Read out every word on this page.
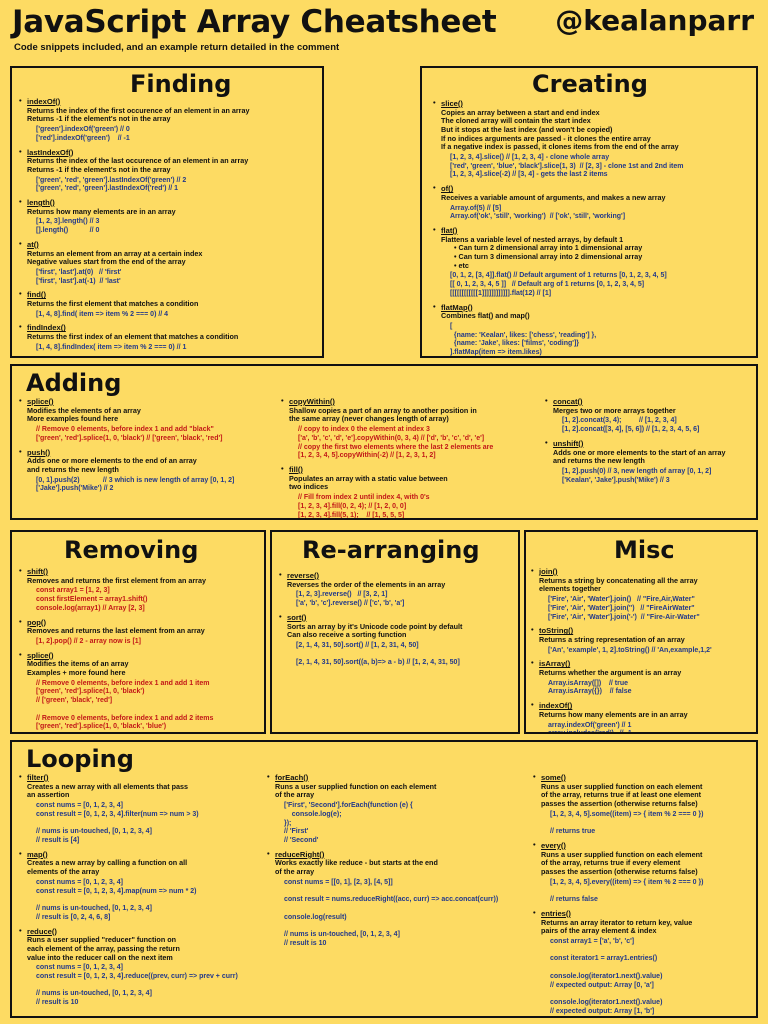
JavaScript Array Cheatsheet @kealanparr
Code snippets included, and an example return detailed in the comment
Finding
• indexOf()
Returns the index of the first occurence of an element in an array
Returns -1 if the element's not in the array
['green'].indexOf('green') // 0
['red'].indexOf('green')    // -1
• lastIndexOf()
Returns the index of the last occurence of an element in an array
Returns -1 if the element's not in the array
['green', 'red', 'green'].lastIndexOf('green') // 2
['green', 'red', 'green'].lastIndexOf('red') // 1
• length()
Returns how many elements are in an array
[1, 2, 3].length() // 3
[].length()           // 0
• at()
Returns an element from an array at a certain index
Negative values start from the end of the array
['first', 'last'].at(0)   // 'first'
['first', 'last'].at(-1)  // 'last'
• find()
Returns the first element that matches a condition
[1, 4, 8].find( item => item % 2 === 0) // 4
• findIndex()
Returns the first index of an element that matches a condition
[1, 4, 8].findIndex( item => item % 2 === 0) // 1
•
Creating
• slice()
Copies an array between a start and end index
The cloned array will contain the start index
But it stops at the last index (and won't be copied)
If no indices arguments are passed - it clones the entire array
If a negative index is passed, it clones items from the end of the array
[1, 2, 3, 4].slice() // [1, 2, 3, 4] - clone whole array
['red', 'green', 'blue', 'black'].slice(1, 3)  // [2, 3] - clone 1st and 2nd item
[1, 2, 3, 4].slice(-2) // [3, 4] - gets the last 2 items
• of()
Receives a variable amount of arguments, and makes a new array
Array.of(5) // [5]
Array.of('ok', 'still', 'working')  // ['ok', 'still', 'working']
• flat()
Flattens a variable level of nested arrays, by default 1
• Can turn 2 dimensional array into 1 dimensional array
• Can turn 3 dimensional array into 2 dimensional array
• etc
[0, 1, 2, [3, 4]].flat() // Default argument of 1 returns [0, 1, 2, 3, 4, 5]
[[ 0, 1, 2, 3, 4, 5 ]]   // Default arg of 1 returns [0, 1, 2, 3, 4, 5]
[[[[[[[[[[[[1]]]]]]]]]]]].flat(12) // [1]
• flatMap()
Combines flat() and map()
[
{name: 'Kealan', likes: ['chess', 'reading'] },
{name: 'Jake', likes: ['films', 'coding']}
].flatMap(item => item.likes)

Adding
• splice()
Modifies the elements of an array
More examples found here
// Remove 0 elements, before index 1 and add "black"
['green', 'red'].splice(1, 0, 'black') // ['green', 'black', 'red']
• push()
Adds one or more elements to the end of an array
and returns the new length
[0, 1].push(2)            // 3 which is new length of array [0, 1, 2]
['Jake'].push('Mike') // 2
• copyWithin()
Shallow copies a part of an array to another position in
the same array (never changes length of array)
// copy to index 0 the element at index 3
['a', 'b', 'c', 'd', 'e'].copyWithin(0, 3, 4) // ['d', 'b', 'c', 'd', 'e']
// copy the first two elements where the last 2 elements are
[1, 2, 3, 4, 5].copyWithin(-2) // [1, 2, 3, 1, 2]
• fill()
Populates an array with a static value between
two indices
// Fill from index 2 until index 4, with 0's
[1, 2, 3, 4].fill(0, 2, 4); // [1, 2, 0, 0]
[1, 2, 3, 4].fill(5, 1);    // [1, 5, 5, 5]
• concat()
Merges two or more arrays together
[1, 2].concat(3, 4);         // [1, 2, 3, 4]
[1, 2].concat([3, 4], [5, 6]) // [1, 2, 3, 4, 5, 6]
• unshift()
Adds one or more elements to the start of an array
and returns the new length
[1, 2].push(0) // 3, new length of array [0, 1, 2]
['Kealan', 'Jake'].push('Mike') // 3
Removing
• shift()
Removes and returns the first element from an array
const array1 = [1, 2, 3]
const firstElement = array1.shift()
console.log(array1) // Array [2, 3]
• pop()
Removes and returns the last element from an array
[1, 2].pop() // 2 - array now is [1]
• splice()
Modifies the items of an array
Examples + more found here
// Remove 0 elements, before index 1 and add 1 item
['green', 'red'].splice(1, 0, 'black')
// ['green', 'black', 'red']

// Remove 0 elements, before index 1 and add 2 items
['green', 'red'].splice(1, 0, 'black', 'blue')

Re-arranging
• reverse()
Reverses the order of the elements in an array
[1, 2, 3].reverse()   // [3, 2, 1]
['a', 'b', 'c'].reverse() // ['c', 'b', 'a']
• sort()
Sorts an array by it's Unicode code point by default
Can also receive a sorting function
[2, 1, 4, 31, 50].sort() // [1, 2, 31, 4, 50]

[2, 1, 4, 31, 50].sort((a, b)=> a - b) // [1, 2, 4, 31, 50]
Misc
• join()
Returns a string by concatenating all the array
elements together
['Fire', 'Air', 'Water'].join()   // "Fire,Air,Water"
['Fire', 'Air', 'Water'].join('')   // "FireAirWater"
['Fire', 'Air', 'Water'].join('-')  // "Fire-Air-Water"
• toString()
Returns a string representation of an array
['An', 'example', 1, 2].toString() // 'An,example,1,2'
• isArray()
Returns whether the argument is an array
Array.isArray([])    // true
Array.isArray({})    // false
• indexOf()
Returns how many elements are in an array
array.indexOf('green') // 1
array.includes('red')   // -1
Looping
• filter()
Creates a new array with all elements that pass
an assertion
const nums = [0, 1, 2, 3, 4]
const result = [0, 1, 2, 3, 4].filter(num => num > 3)

// nums is un-touched, [0, 1, 2, 3, 4]
// result is [4]
• map()
Creates a new array by calling a function on all
elements of the array
const nums = [0, 1, 2, 3, 4]
const result = [0, 1, 2, 3, 4].map(num => num * 2)

// nums is un-touched, [0, 1, 2, 3, 4]
// result is [0, 2, 4, 6, 8]
• reduce()
Runs a user supplied "reducer" function on
each element of the array, passing the return
value into the reducer call on the next item
const nums = [0, 1, 2, 3, 4]
const result = [0, 1, 2, 3, 4].reduce((prev, curr) => prev + curr)

// nums is un-touched, [0, 1, 2, 3, 4]
// result is 10
• forEach()
Runs a user supplied function on each element
of the array
['First', 'Second'].forEach(function (e) {
console.log(e);
});
// 'First'
// 'Second'
• reduceRight()
Works exactly like reduce - but starts at the end
of the array
const nums = [[0, 1], [2, 3], [4, 5]]

const result = nums.reduceRight((acc, curr) => acc.concat(curr))

console.log(result)

// nums is un-touched, [0, 1, 2, 3, 4]
// result is 10
• some()
Runs a user supplied function on each element
of the array, returns true if at least one element
passes the assertion (otherwise returns false)
[1, 2, 3, 4, 5].some((item) => { item % 2 === 0 })

// returns true
• every()
Runs a user supplied function on each element
of the array, returns true if every element
passes the assertion (otherwise returns false)
[1, 2, 3, 4, 5].every((item) => { item % 2 === 0 })

// returns false
• entries()
Returns an array iterator to return key, value
pairs of the array element & index
const array1 = ['a', 'b', 'c']

const iterator1 = array1.entries()

console.log(iterator1.next().value)
// expected output: Array [0, 'a']

console.log(iterator1.next().value)
// expected output: Array [1, 'b']
